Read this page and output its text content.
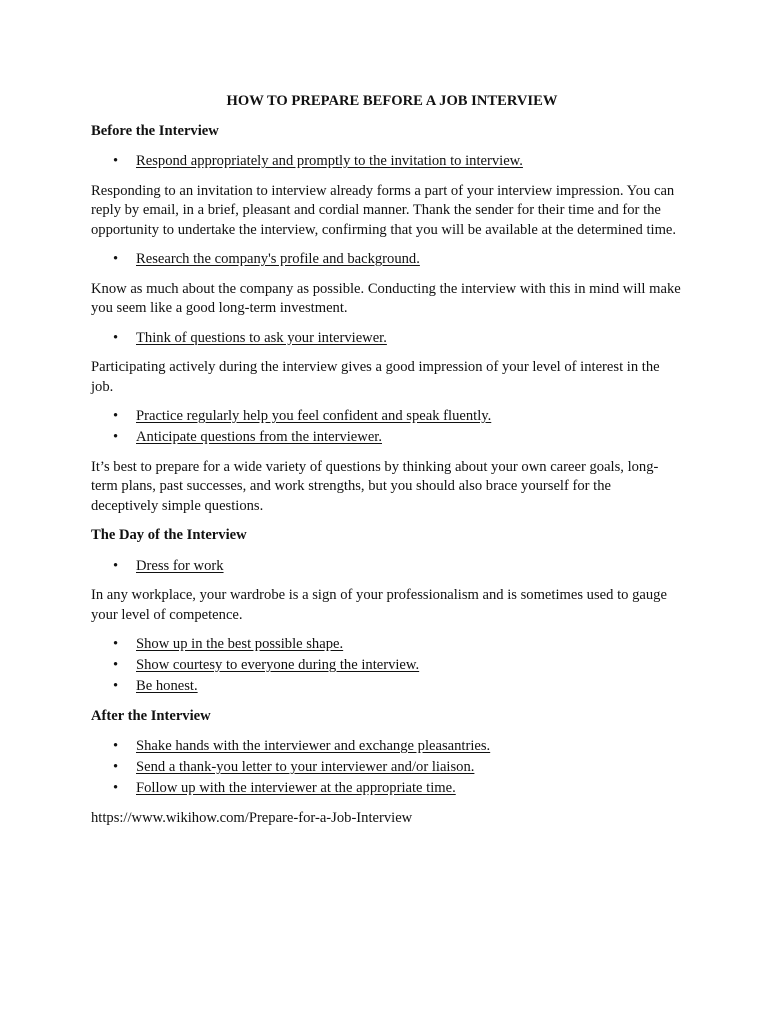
HOW TO PREPARE BEFORE A JOB INTERVIEW
Before the Interview
• Respond appropriately and promptly to the invitation to interview.

Responding to an invitation to interview already forms a part of your interview impression. You can reply by email, in a brief, pleasant and cordial manner. Thank the sender for their time and for the opportunity to undertake the interview, confirming that you will be available at the determined time.

• Research the company's profile and background.

Know as much about the company as possible. Conducting the interview with this in mind will make you seem like a good long-term investment.

• Think of questions to ask your interviewer.

Participating actively during the interview gives a good impression of your level of interest in the job.

• Practice regularly help you feel confident and speak fluently.
• Anticipate questions from the interviewer.

It’s best to prepare for a wide variety of questions by thinking about your own career goals, long-term plans, past successes, and work strengths, but you should also brace yourself for the deceptively simple questions.

The Day of the Interview
• Dress for work

In any workplace, your wardrobe is a sign of your professionalism and is sometimes used to gauge your level of competence.

• Show up in the best possible shape.
• Show courtesy to everyone during the interview.
• Be honest.
After the Interview
• Shake hands with the interviewer and exchange pleasantries.
• Send a thank-you letter to your interviewer and/or liaison.
• Follow up with the interviewer at the appropriate time.
https://www.wikihow.com/Prepare-for-a-Job-Interview
